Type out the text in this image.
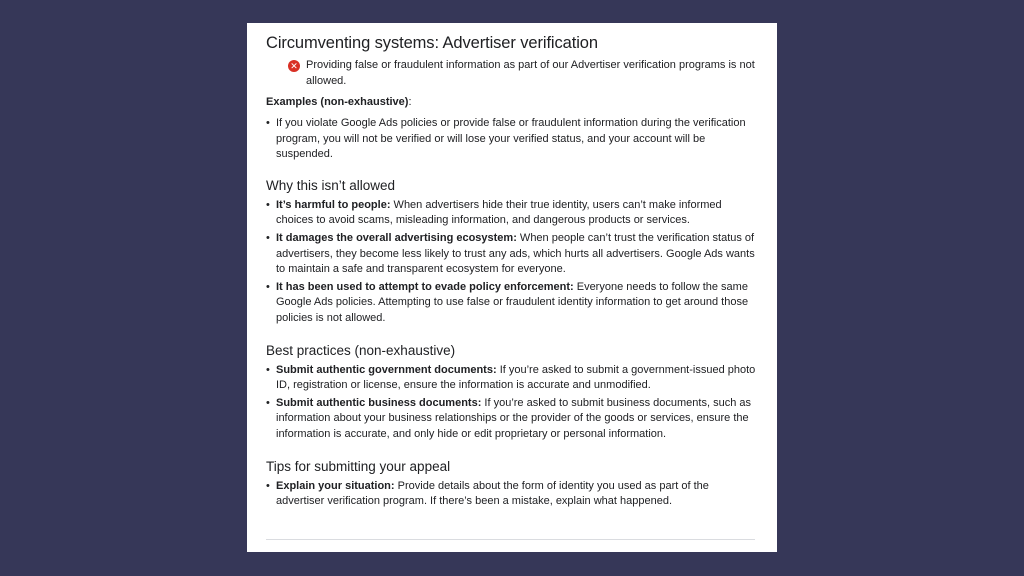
Circumventing systems: Advertiser verification
✕ Providing false or fraudulent information as part of our Advertiser verification programs is not allowed.
Examples (non-exhaustive):
• If you violate Google Ads policies or provide false or fraudulent information during the verification program, you will not be verified or will lose your verified status, and your account will be suspended.
Why this isn’t allowed
• It’s harmful to people: When advertisers hide their true identity, users can’t make informed choices to avoid scams, misleading information, and dangerous products or services.
• It damages the overall advertising ecosystem: When people can’t trust the verification status of advertisers, they become less likely to trust any ads, which hurts all advertisers. Google Ads wants to maintain a safe and transparent ecosystem for everyone.
• It has been used to attempt to evade policy enforcement: Everyone needs to follow the same Google Ads policies. Attempting to use false or fraudulent identity information to get around those policies is not allowed.
Best practices (non-exhaustive)
• Submit authentic government documents: If you’re asked to submit a government-issued photo ID, registration or license, ensure the information is accurate and unmodified.
• Submit authentic business documents: If you’re asked to submit business documents, such as information about your business relationships or the provider of the goods or services, ensure the information is accurate, and only hide or edit proprietary or personal information.
Tips for submitting your appeal
• Explain your situation: Provide details about the form of identity you used as part of the advertiser verification program. If there’s been a mistake, explain what happened.
